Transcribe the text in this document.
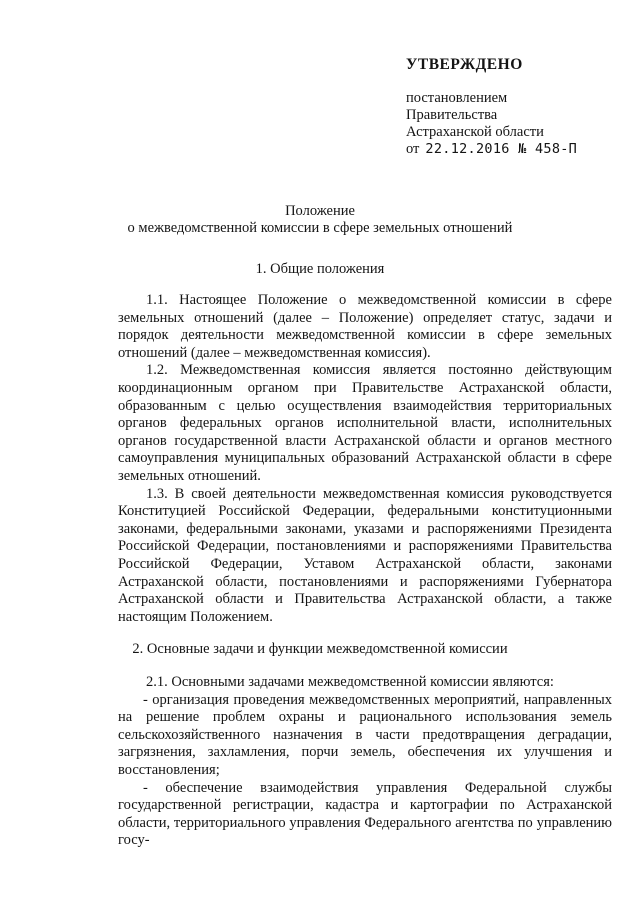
УТВЕРЖДЕНО
постановлением
Правительства
Астраханской области
от 22.12.2016 № 458-П
Положение
о межведомственной комиссии в сфере земельных отношений
1. Общие положения

1.1. Настоящее Положение о межведомственной комиссии в сфере земельных отношений (далее – Положение) определяет статус, задачи и порядок деятельности межведомственной комиссии в сфере земельных отношений (далее – межведомственная комиссия).

1.2. Межведомственная комиссия является постоянно действующим координационным органом при Правительстве Астраханской области, образованным с целью осуществления взаимодействия территориальных органов федеральных органов исполнительной власти, исполнительных органов государственной власти Астраханской области и органов местного самоуправления муниципальных образований Астраханской области в сфере земельных отношений.

1.3. В своей деятельности межведомственная комиссия руководствуется Конституцией Российской Федерации, федеральными конституционными законами, федеральными законами, указами и распоряжениями Президента Российской Федерации, постановлениями и распоряжениями Правительства Российской Федерации, Уставом Астраханской области, законами Астраханской области, постановлениями и распоряжениями Губернатора Астраханской области и Правительства Астраханской области, а также настоящим Положением.

2. Основные задачи и функции межведомственной комиссии

2.1. Основными задачами межведомственной комиссии являются:

- организация проведения межведомственных мероприятий, направленных на решение проблем охраны и рационального использования земель сельскохозяйственного назначения в части предотвращения деградации, загрязнения, захламления, порчи земель, обеспечения их улучшения и восстановления;

- обеспечение взаимодействия управления Федеральной службы государственной регистрации, кадастра и картографии по Астраханской области, территориального управления Федерального агентства по управлению госу-
